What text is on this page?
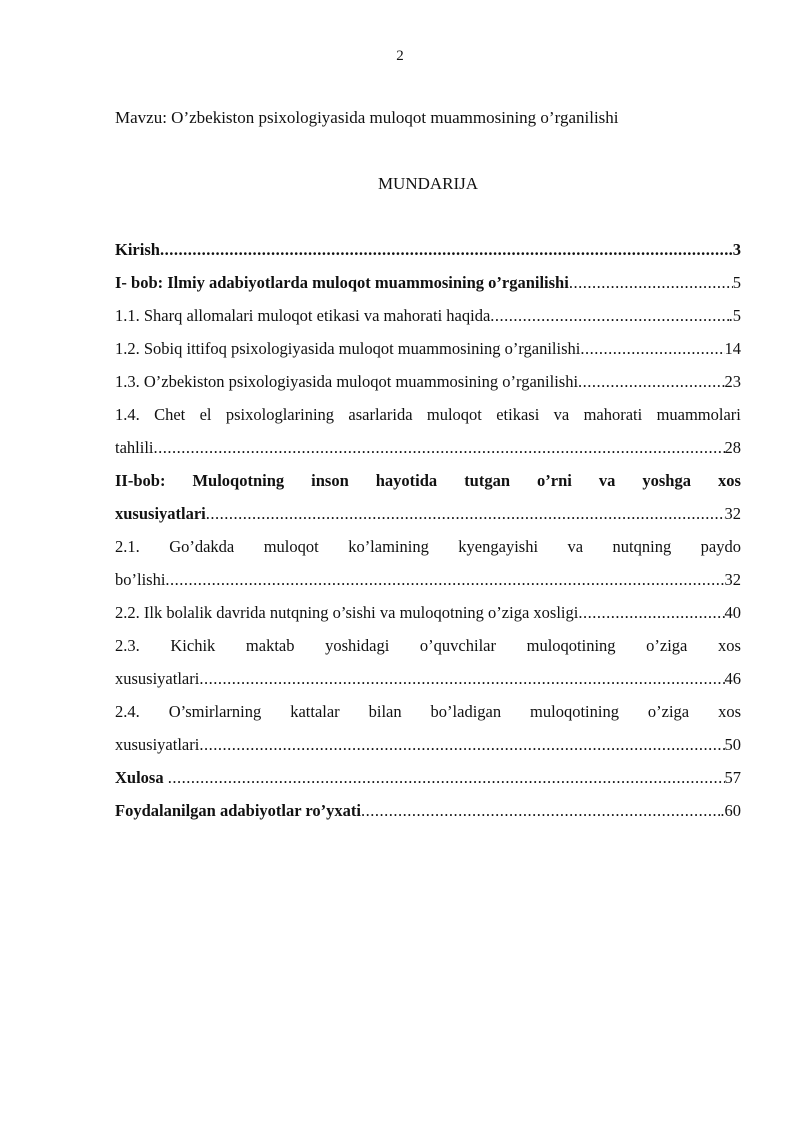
2
Mavzu: O’zbekiston psixologiyasida muloqot muammosining o’rganilishi
MUNDARIJA
Kirish .....	.3
I- bob: Ilmiy adabiyotlarda muloqot muammosining o’rganilishi .....	5
1.1. Sharq allomalari muloqot etikasi va mahorati haqida .....	.5
1.2. Sobiq ittifoq psixologiyasida muloqot muammosining o’rganilishi .....	14
1.3. O’zbekiston psixologiyasida muloqot muammosining o’rganilishi .....	23
1.4. Chet el psixologlarining asarlarida muloqot etikasi va mahorati muammolari
tahlili .....	28
II-bob: Muloqotning inson hayotida tutgan o’rni va yoshga xos
xususiyatlari .....	32
2.1. Go’dakda muloqot ko’lamining kyengayishi va nutqning paydo
bo’lishi .....	32
2.2. Ilk bolalik davrida nutqning o’sishi va muloqotning o’ziga xosligi .....	40
2.3. Kichik maktab yoshidagi o’quvchilar muloqotining o’ziga xos
xususiyatlari .....	46
2.4. O’smirlarning kattalar bilan bo’ladigan muloqotining o’ziga xos
xususiyatlari .....	50
Xulosa .....	57
Foydalanilgan adabiyotlar ro’yxati .....	.60
